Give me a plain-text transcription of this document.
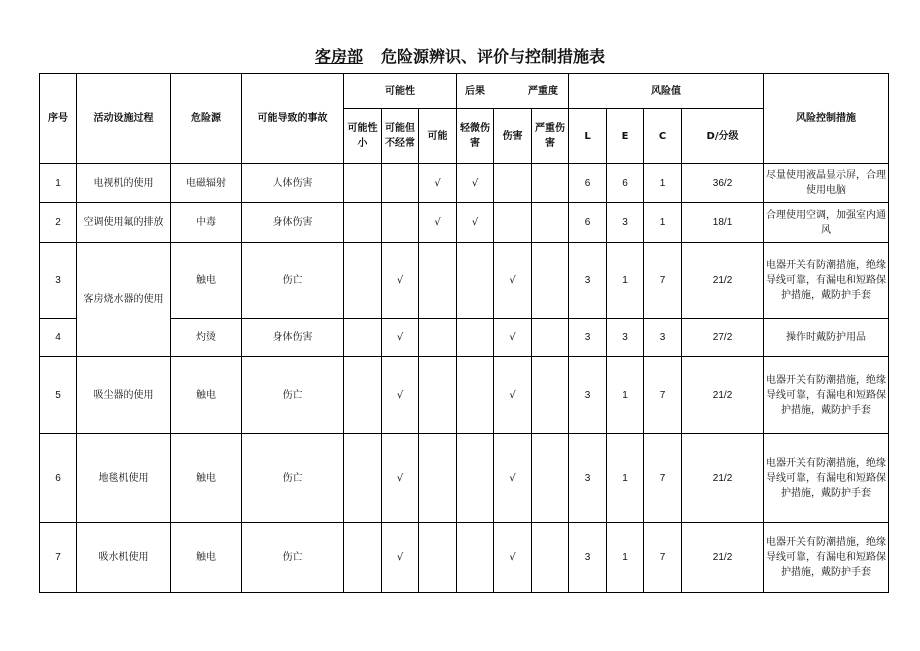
客房部 危险源辨识、评价与控制措施表
序号	活动设施过程	危险源	可能导致的事故	可能性			后果 严重度			风险值				风险控制措施
				可能性小	可能但不经常	可能	轻微伤害	伤害	严重伤害	L	E	C	D/分级	
1	电视机的使用	电磁辐射	人体伤害			√	√			6	6	1	36/2	尽量使用液晶显示屏，合理使用电脑
2	空调使用氟的排放	中毒	身体伤害			√	√			6	3	1	18/1	合理使用空调，加强室内通风
3	客房烧水器的使用	触电	伤亡		√			√		3	1	7	21/2	电器开关有防潮措施，绝缘导线可靠，有漏电和短路保护措施，戴防护手套
4		灼烫	身体伤害		√			√		3	3	3	27/2	操作时戴防护用品
5	吸尘器的使用	触电	伤亡		√			√		3	1	7	21/2	电器开关有防潮措施，绝缘导线可靠，有漏电和短路保护措施，戴防护手套
6	地毯机使用	触电	伤亡		√			√		3	1	7	21/2	电器开关有防潮措施，绝缘导线可靠，有漏电和短路保护措施，戴防护手套
7	吸水机使用	触电	伤亡		√			√		3	1	7	21/2	电器开关有防潮措施，绝缘导线可靠，有漏电和短路保护措施，戴防护手套
